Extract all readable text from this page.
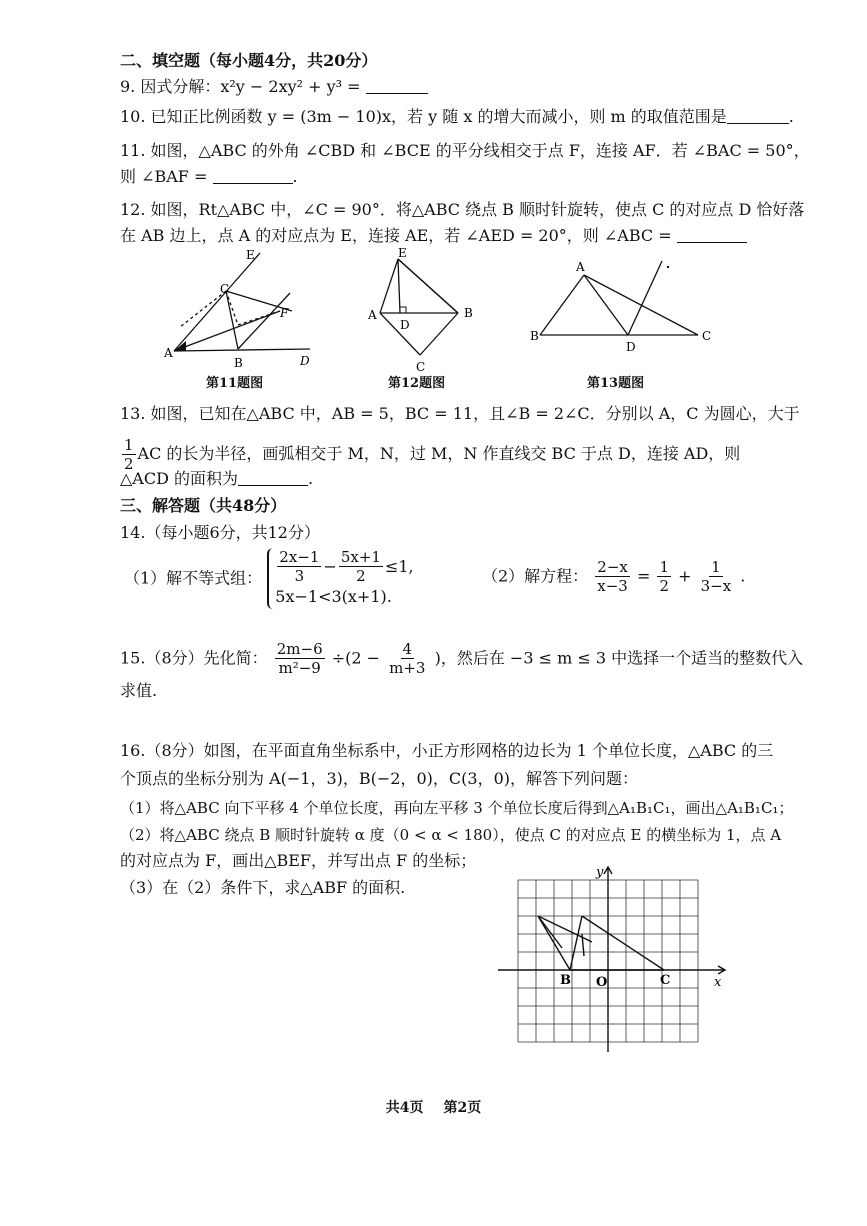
二、填空题（每小题4分，共20分）
9. 因式分解：x²y − 2xy² + y³ =
10. 已知正比例函数 y = (3m − 10)x，若 y 随 x 的增大而减小，则 m 的取值范围是	.
11. 如图，△ABC 的外角 ∠CBD 和 ∠BCE 的平分线相交于点 F，连接 AF．若 ∠BAC = 50°，
则 ∠BAF =	.
12. 如图，Rt△ABC 中，∠C = 90°．将△ABC 绕点 B 顺时针旋转，使点 C 的对应点 D 恰好落
在 AB 边上，点 A 的对应点为 E，连接 AE，若 ∠AED = 20°，则 ∠ABC =
E
C
F
A
B	D
第11题图
E
A
D
B
C
第12题图
A
B
D
C
第13题图
13. 如图，已知在△ABC 中，AB = 5，BC = 11，且∠B = 2∠C．分别以 A，C 为圆心，大于
$\frac{1}{2}$ AC 的长为半径，画弧相交于 M，N，过 M，N 作直线交 BC 于点 D，连接 AD，则
△ACD 的面积为	.
三、解答题（共48分）
14.（每小题6分，共12分）
（1）解不等式组： $\frac{2x-1}{3} - \frac{5x+1}{2} \le 1$,
5x−1<3(x+1).
（2）解方程： $\frac{2-x}{x-3} = \frac{1}{2} + \frac{1}{3-x}$ .
15.（8分）先化简： $\frac{2m-6}{\text{m²−9}} \div(2 - \frac{4}{m+3}$ )，然后在 −3 ≤ m ≤ 3 中选择一个适当的整数代入
求值.
16.（8分）如图，在平面直角坐标系中，小正方形网格的边长为 1 个单位长度，△ABC 的三
个顶点的坐标分别为 A(−1，3)，B(−2，0)，C(3，0)，解答下列问题：
（1）将△ABC 向下平移 4 个单位长度，再向左平移 3 个单位长度后得到△A₁B₁C₁，画出△A₁B₁C₁；
（2）将△ABC 绕点 B 顺时针旋转 α 度（0 < α < 180），使点 C 的对应点 E 的横坐标为 1，点 A
的对应点为 F，画出△BEF，并写出点 F 的坐标；
（3）在（2）条件下，求△ABF 的面积.
y
x
B O	C
共4页 第2页
